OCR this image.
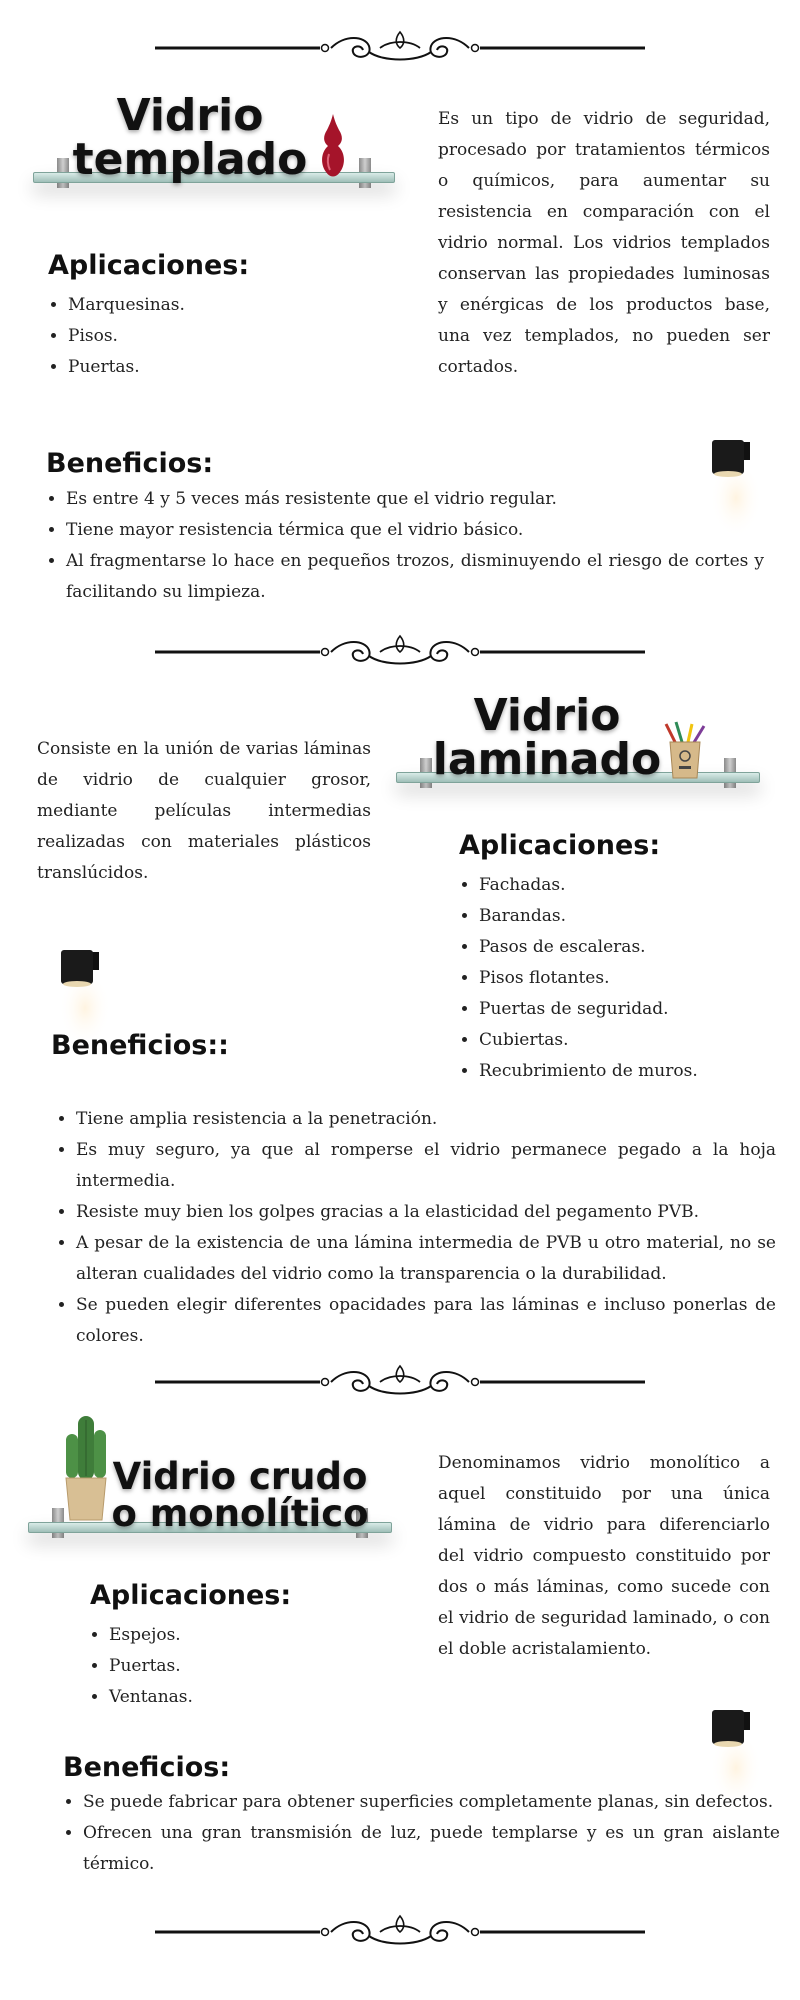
Vidrio
templado

Es un tipo de vidrio de seguridad, procesado por tratamientos térmicos o químicos, para aumentar su resistencia en comparación con el vidrio normal. Los vidrios templados conservan las propiedades luminosas y enérgicas de los productos base, una vez templados, no pueden ser cortados.

Aplicaciones:
• Marquesinas.
• Pisos.
• Puertas.
Beneficios:
• Es entre 4 y 5 veces más resistente que el vidrio regular.
• Tiene mayor resistencia térmica que el vidrio básico.
• Al fragmentarse lo hace en pequeños trozos, disminuyendo el riesgo de cortes y facilitando su limpieza.
Vidrio
laminado

Consiste en la unión de varias láminas de vidrio de cualquier grosor, mediante películas intermedias realizadas con materiales plásticos translúcidos.

Aplicaciones:
• Fachadas.
• Barandas.
• Pasos de escaleras.
• Pisos flotantes.
• Puertas de seguridad.
• Cubiertas.
• Recubrimiento de muros.
Beneficios::
• Tiene amplia resistencia a la penetración.
• Es muy seguro, ya que al romperse el vidrio permanece pegado a la hoja intermedia.
• Resiste muy bien los golpes gracias a la elasticidad del pegamento PVB.
• A pesar de la existencia de una lámina intermedia de PVB u otro material, no se alteran cualidades del vidrio como la transparencia o la durabilidad.
• Se pueden elegir diferentes opacidades para las láminas e incluso ponerlas de colores.
Vidrio crudo
o monolítico

Denominamos vidrio monolítico a aquel constituido por una única lámina de vidrio para diferenciarlo del vidrio compuesto constituido por dos o más láminas, como sucede con el vidrio de seguridad laminado, o con el doble acristalamiento.

Aplicaciones:
• Espejos.
• Puertas.
• Ventanas.
Beneficios:
• Se puede fabricar para obtener superficies completamente planas, sin defectos.
• Ofrecen una gran transmisión de luz, puede templarse y es un gran aislante térmico.
